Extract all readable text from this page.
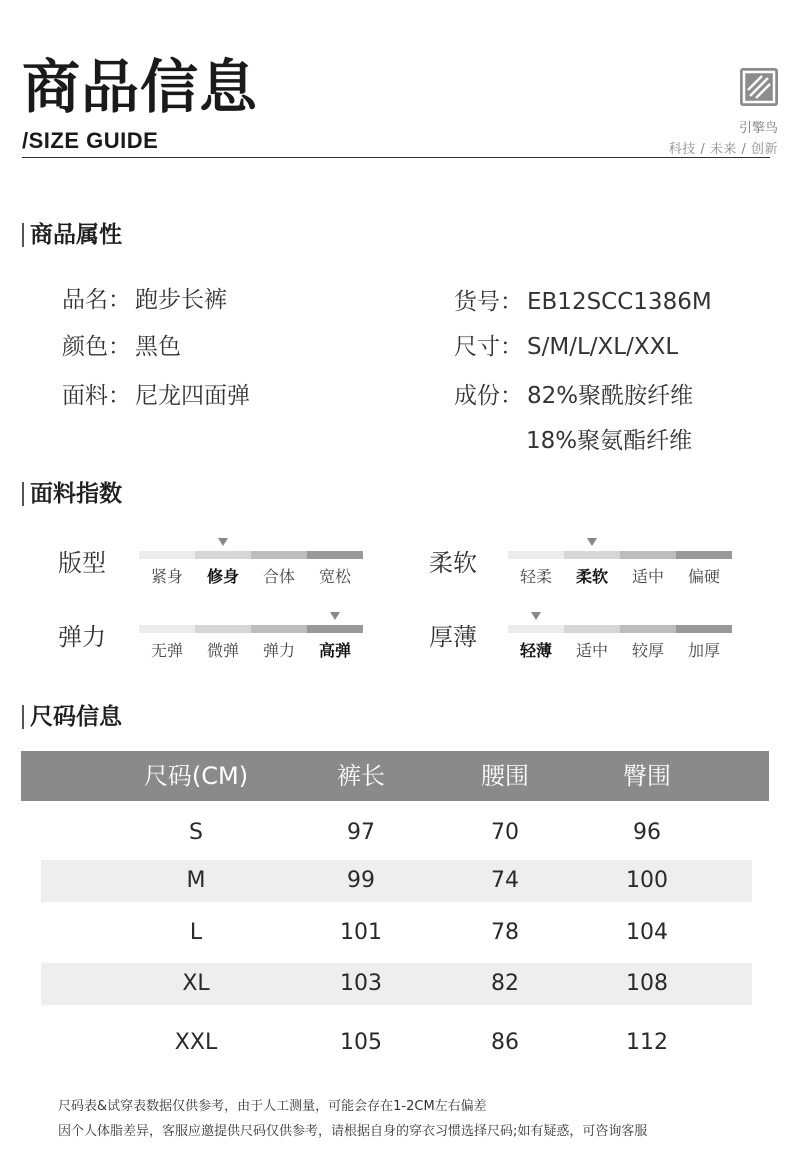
商品信息
/SIZE GUIDE	引擎鸟
科技 / 未来 / 创新
商品属性
品名： 跑步长裤
颜色： 黑色
面料： 尼龙四面弹
货号： EB12SCC1386M
尺寸： S/M/L/XL/XXL
成份： 82%聚酰胺纤维
18%聚氨酯纤维
面料指数
版型	紧身	修身	合体	宽松	柔软	轻柔	柔软	适中	偏硬
弹力	无弹	微弹	弹力	高弹	厚薄	轻薄	适中	较厚	加厚
尺码信息
尺码(CM)	裤长	腰围	臀围
S	97	70	96
M	99	74	100
L	101	78	104
XL	103	82	108
XXL	105	86	112
尺码表&试穿表数据仅供参考，由于人工测量，可能会存在1-2CM左右偏差
因个人体脂差异，客服应邀提供尺码仅供参考，请根据自身的穿衣习惯选择尺码;如有疑惑，可咨询客服
